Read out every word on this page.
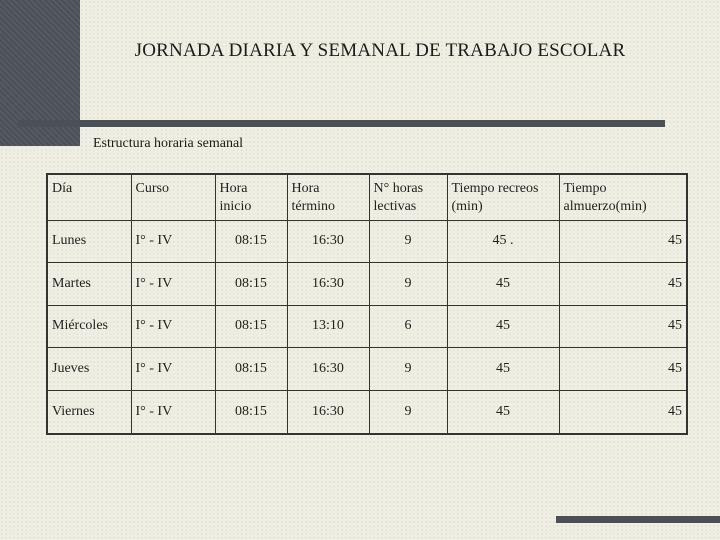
JORNADA DIARIA Y SEMANAL DE TRABAJO ESCOLAR
Estructura horaria semanal
Día	Curso	Hora inicio	Hora término	N° horas lectivas	Tiempo recreos (min)	Tiempo almuerzo(min)
Lunes	I° - IV	08:15	16:30	9	45 .	45
Martes	I° - IV	08:15	16:30	9	45	45
Miércoles	I° - IV	08:15	13:10	6	45	45
Jueves	I° - IV	08:15	16:30	9	45	45
Viernes	I° - IV	08:15	16:30	9	45	45
